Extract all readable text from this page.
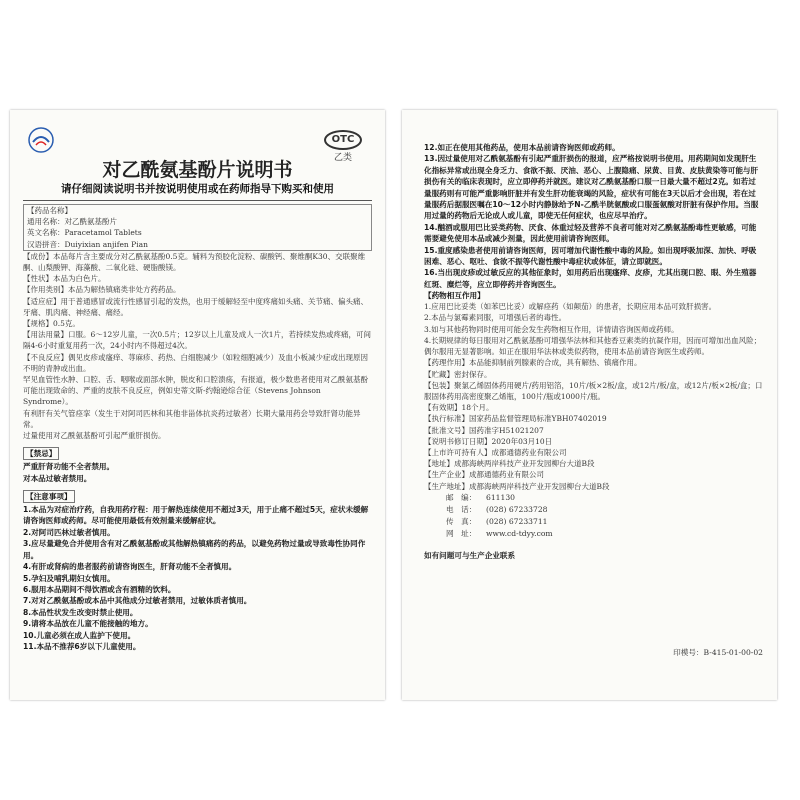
OTC
乙类
对乙酰氨基酚片说明书
请仔细阅读说明书并按说明使用或在药师指导下购买和使用

【药品名称】

通用名称：对乙酰氨基酚片

英文名称：Paracetamol Tablets

汉语拼音：Duiyixian anjifen Pian

【成份】本品每片含主要成分对乙酰氨基酚0.5克。辅料为预胶化淀粉、碳酸钙、聚维酮K30、交联聚维酮、山梨酸钾、海藻酸、二氧化硅、硬脂酸镁。

【性状】本品为白色片。

【作用类别】本品为解热镇痛类非处方药药品。

【适应症】用于普通感冒或流行性感冒引起的发热，也用于缓解轻至中度疼痛如头痛、关节痛、偏头痛、牙痛、肌肉痛、神经痛、痛经。

【规格】0.5克。

【用法用量】口服。6～12岁儿童，一次0.5片；12岁以上儿童及成人一次1片，若持续发热或疼痛，可间隔4-6小时重复用药一次，24小时内不得超过4次。

【不良反应】偶见皮疹或瘙痒、荨麻疹、药热、白细胞减少（如粒细胞减少）及血小板减少症或出现原因不明的青肿或出血。

罕见血管性水肿、口腔、舌、咽喉或面部水肿，脱皮和口腔溃疡，有报道，极少数患者使用对乙酰氨基酚可能出现致命的、严重的皮肤不良反应，例如史蒂文斯-约翰逊综合征（Stevens Johnson Syndrome）。

有利肝有关气管痉挛（发生于对阿司匹林和其他非甾体抗炎药过敏者）长期大量用药会导致肝肾功能异常。

过量使用对乙酰氨基酚可引起严重肝损伤。

【禁忌】

严重肝肾功能不全者禁用。

对本品过敏者禁用。

【注意事项】

1.本品为对症治疗药，自我用药疗程：用于解热连续使用不超过3天，用于止痛不超过5天，症状未缓解请咨询医师或药师。尽可能使用最低有效剂量来缓解症状。

2.对阿司匹林过敏者慎用。

3.应尽量避免合并使用含有对乙酰氨基酚或其他解热镇痛药的药品，以避免药物过量或导致毒性协同作用。

4.有肝或肾病的患者服药前请咨询医生，肝肾功能不全者慎用。

5.孕妇及哺乳期妇女慎用。

6.服用本品期间不得饮酒或含有酒精的饮料。

7.对对乙酰氨基酚或本品中其他成分过敏者禁用，过敏体质者慎用。

8.本品性状发生改变时禁止使用。

9.请将本品放在儿童不能接触的地方。

10.儿童必须在成人监护下使用。

11.本品不推荐6岁以下儿童使用。

12.如正在使用其他药品，使用本品前请咨询医师或药师。

13.因过量使用对乙酰氨基酚有引起严重肝损伤的报道，应严格按说明书使用。用药期间如发现肝生化指标异常或出现全身乏力、食欲不振、厌油、恶心、上腹隐痛、尿黄、目黄、皮肤黄染等可能与肝损伤有关的临床表现时，应立即停药并就医。建议对乙酰氨基酚口服一日最大量不超过2克。如若过量服药则有可能严重影响肝脏并有发生肝功能衰竭的风险，症状有可能在3天以后才会出现，若在过量服药后据服医嘱在10～12小时内静脉给予N-乙酰半胱氨酸或口服蛋氨酸对肝脏有保护作用。当服用过量的药物后无论成人或儿童，即使无任何症状，也应尽早治疗。

14.酗酒或服用巴比妥类药物、厌食、体重过轻及营养不良者可能对对乙酰氨基酚毒性更敏感，可能需要避免使用本品或减少剂量，因此使用前请咨询医师。

15.重度感染患者使用前请咨询医师，因可增加代谢性酸中毒的风险。如出现呼吸加深、加快、呼吸困难、恶心、呕吐、食欲不振等代谢性酸中毒症状或体征，请立即就医。

16.当出现皮疹或过敏反应的其他征象时，如用药后出现瘙痒、皮疹，尤其出现口腔、眼、外生殖器红斑、糜烂等，应立即停药并咨询医生。

【药物相互作用】

1.应用巴比妥类（如苯巴比妥）或解痉药（如颠茄）的患者，长期应用本品可致肝损害。

2.本品与氯霉素同服，可增强后者的毒性。

3.如与其他药物同时使用可能会发生药物相互作用，详情请咨询医师或药师。

4.长期规律的每日服用对乙酰氨基酚可增强华法林和其他香豆素类的抗凝作用，因而可增加出血风险；偶尔服用无显著影响。如正在服用华法林或类似药物，使用本品前请咨询医生或药师。

【药理作用】本品能抑制前列腺素的合成，具有解热、镇痛作用。

【贮藏】密封保存。

【包装】聚氯乙烯固体药用硬片/药用铝箔，10片/板×2板/盒，或12片/板/盒，或12片/板×2板/盒；口服固体药用高密度聚乙烯瓶，100片/瓶或1000片/瓶。

【有效期】18个月。

【执行标准】国家药品监督管理局标准YBH07402019

【批准文号】国药准字H51021207

【说明书修订日期】2020年03月10日

【上市许可持有人】成都通德药业有限公司

【地址】成都海峡两岸科技产业开发园柳台大道B段

【生产企业】成都通德药业有限公司

【生产地址】成都海峡两岸科技产业开发园柳台大道B段

邮　编： 611130

电　话： (028) 67233728

传　真： (028) 67233711

网　址： www.cd-tdyy.com

如有问题可与生产企业联系

印模号：B-415-01-00-02
